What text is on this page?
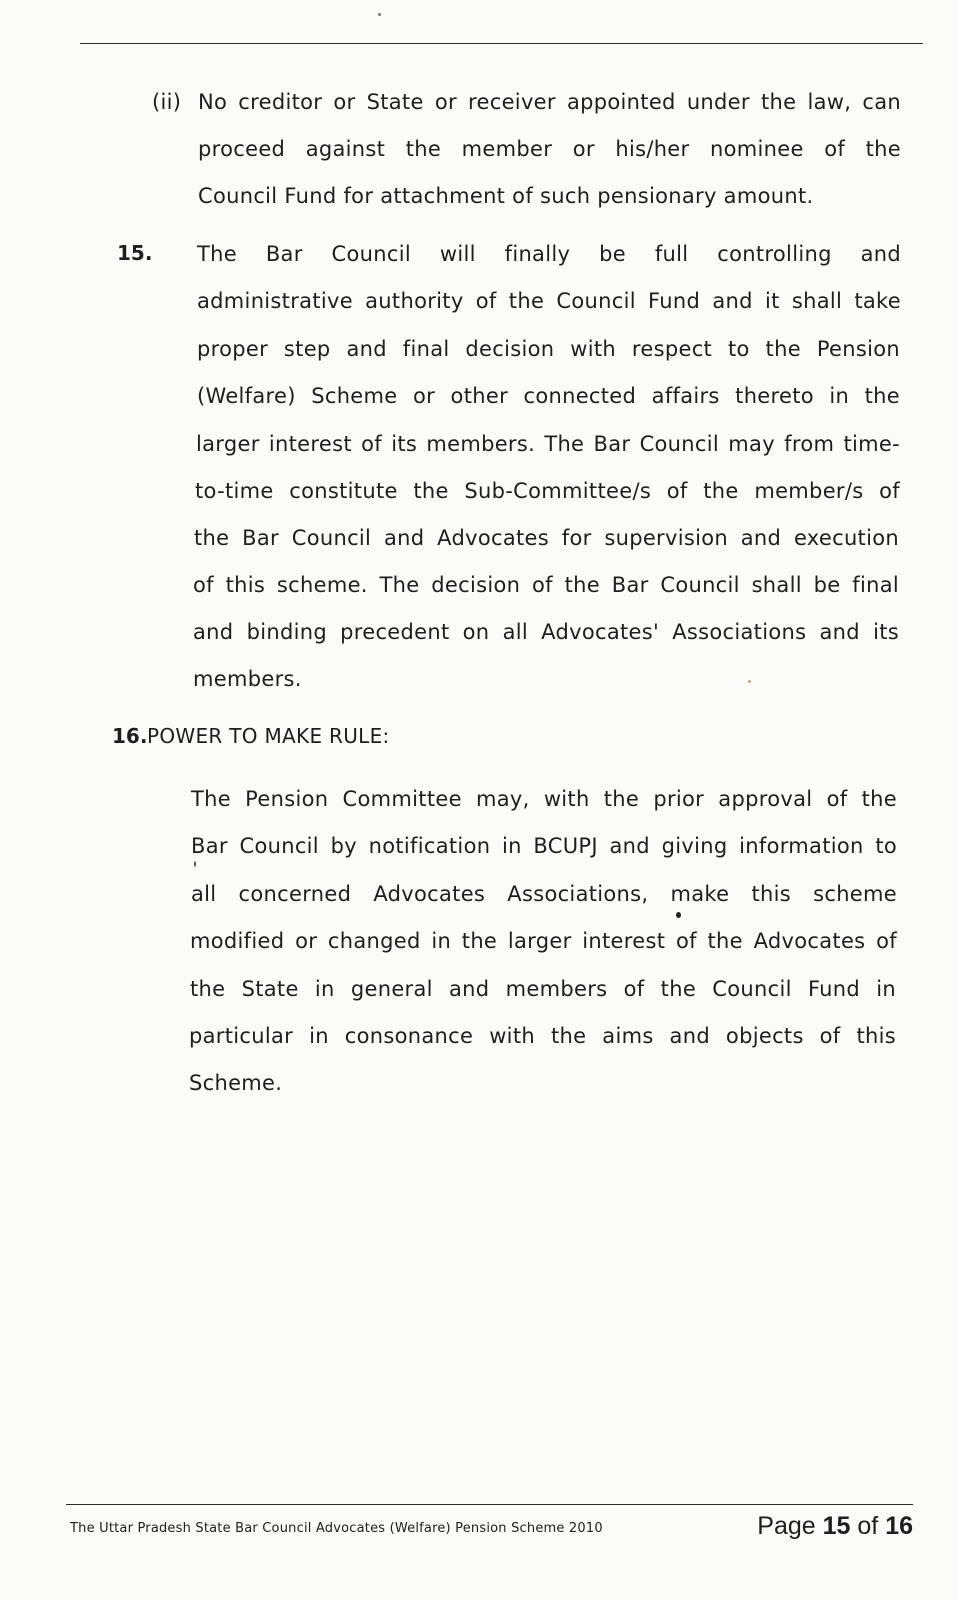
(ii) No creditor or State or receiver appointed under the law, can
proceed against the member or his/her nominee of the
Council Fund for attachment of such pensionary amount.
15. The Bar Council will finally be full controlling and
administrative authority of the Council Fund and it shall take
proper step and final decision with respect to the Pension
(Welfare) Scheme or other connected affairs thereto in the
larger interest of its members. The Bar Council may from time-
to-time constitute the Sub-Committee/s of the member/s of
the Bar Council and Advocates for supervision and execution
of this scheme. The decision of the Bar Council shall be final
and binding precedent on all Advocates' Associations and its
members.
16. POWER TO MAKE RULE:
The Pension Committee may, with the prior approval of the
Bar Council by notification in BCUPJ and giving information to
all concerned Advocates Associations, make this scheme
modified or changed in the larger interest of the Advocates of
the State in general and members of the Council Fund in
particular in consonance with the aims and objects of this
Scheme.
The Uttar Pradesh State Bar Council Advocates (Welfare) Pension Scheme 2010	Page 15 of 16
